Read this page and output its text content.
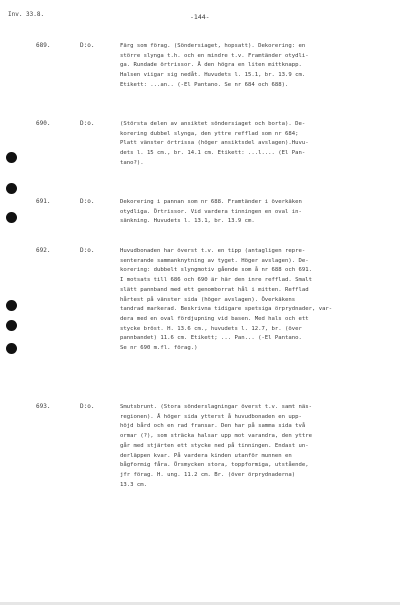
Inv. 33.8.	-144-
689.	D:o.	Färg som förag. (Söndersiaget, hopsatt). Dekorering: en
större slynga t.h. och en mindre t.v. Framtänder otydli-
ga. Rundade örtrissor. Å den högra en liten mittknapp.
Halsen viigar sig nedåt. Huvudets l. 15.1, br. 13.9 cm.
Etikett: ...an.. (-El Pantano. Se nr 684 och 688).
690.	D:o.	(Största delen av ansiktet söndersiaget och borta). De-
korering dubbel slynga, den yttre refflad som nr 684;
Platt vänster örtrissa (höger ansiktsdel avslagen).Huvu-
dets l. 15 cm., br. 14.1 cm. Etikett: ...l.... (El Pan-
tano?).
691.	D:o.	Dekorering i pannan som nr 688. Framtänder i överkäken
otydliga. Örtrissor. Vid vardera tinningen en oval in-
sänkning. Huvudets l. 13.1, br. 13.9 cm.
692.	D:o.	Huvudbonaden har överst t.v. en tipp (antagligen repre-
senterande sammanknytning av tyget. Höger avslagen). De-
korering: dubbelt slyngmotiv gående som å nr 688 och 691.
I motsats till 686 och 690 är här den inre refflad. Smalt
slätt pannband med ett genomborrat hål i mitten. Refflad
hårtest på vänster sida (höger avslagen). Överkäkens
tandrad markerad. Beskrivna tidigare spetsiga örprydnader, var-
dera med en oval fördjupning vid basen. Med hals och ett
stycke bröst. H. 13.6 cm., huvudets l. 12.7, br. (över
pannbandet) 11.6 cm. Etikett; ... Pan... (-El Pantano.
Se nr 690 m.fl. förag.)
693.	D:o.	Smutsbrunt. (Stora sönderslagningar överst t.v. samt näs-
regionen). Å höger sida ytterst å huvudbonaden en upp-
höjd bård och en rad fransar. Den har på samma sida två
ormar (?), som sträcka halsar upp mot varandra, den yttre
går med stjärten ett stycke ned på tinningen. Endast un-
derläppen kvar. På vardera kinden utanför munnen en
bågformig fåra. Örsmycken stora, toppformiga, utstående,
jfr förag. H. ung. 11.2 cm. Br. (över örprydnaderna)
13.3 cm.
